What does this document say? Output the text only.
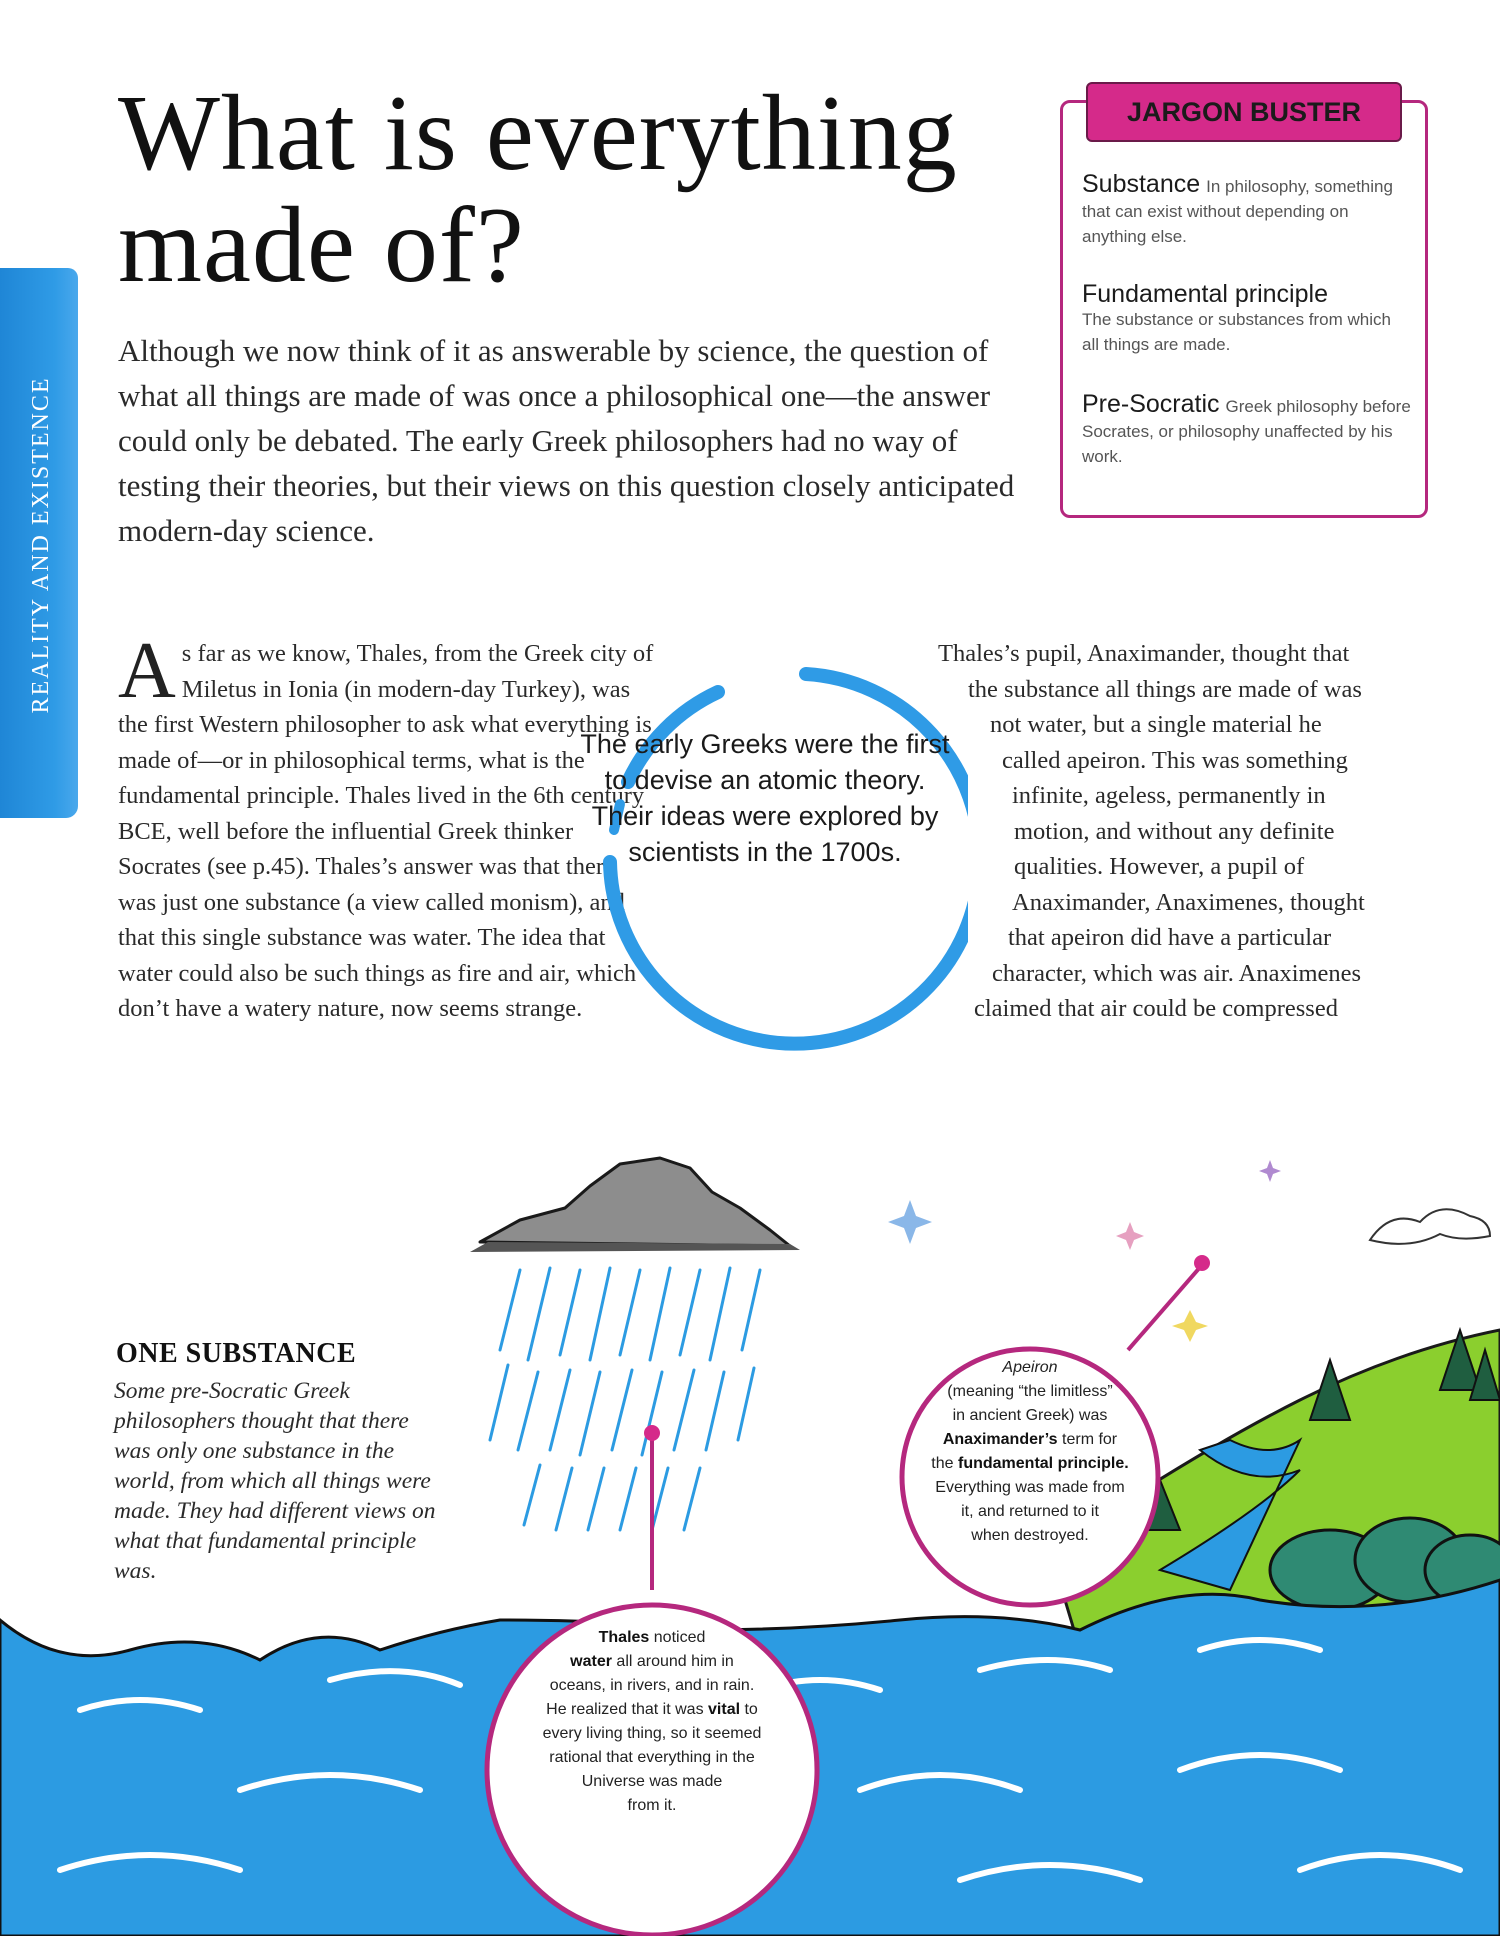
REALITY AND EXISTENCE
What is everything
made of?
Although we now think of it as answerable by science, the question of what all things are made of was once a philosophical one—the answer could only be debated. The early Greek philosophers had no way of testing their theories, but their views on this question closely anticipated modern-day science.
JARGON BUSTER
Substance In philosophy, something that can exist without depending on anything else.
Fundamental principle
The substance or substances from which all things are made.
Pre-Socratic Greek philosophy before Socrates, or philosophy unaffected by his work.
As far as we know, Thales, from the Greek city of Miletus in Ionia (in modern-day Turkey), was the first Western philosopher to ask what everything is made of—or in philosophical terms, what is the fundamental principle. Thales lived in the 6th century BCE, well before the influential Greek thinker Socrates (see p.45). Thales’s answer was that there was just one substance (a view called monism), and that this single substance was water. The idea that water could also be such things as fire and air, which don’t have a watery nature, now seems strange.
The early Greeks were the first to devise an atomic theory. Their ideas were explored by scientists in the 1700s.
Thales’s pupil, Anaximander, thought that
the substance all things are made of was
not water, but a single material he
called apeiron. This was something
infinite, ageless, permanently in
motion, and without any definite
qualities. However, a pupil of
Anaximander, Anaximenes, thought
that apeiron did have a particular
character, which was air. Anaximenes
claimed that air could be compressed
ONE SUBSTANCE
Some pre-Socratic Greek philosophers thought that there was only one substance in the world, from which all things were made. They had different views on what that fundamental principle was.
Apeiron
(meaning “the limitless”
in ancient Greek) was
Anaximander’s term for
the fundamental principle.
Everything was made from
it, and returned to it
when destroyed.
Thales noticed
water all around him in
oceans, in rivers, and in rain.
He realized that it was vital to
every living thing, so it seemed
rational that everything in the
Universe was made
from it.
